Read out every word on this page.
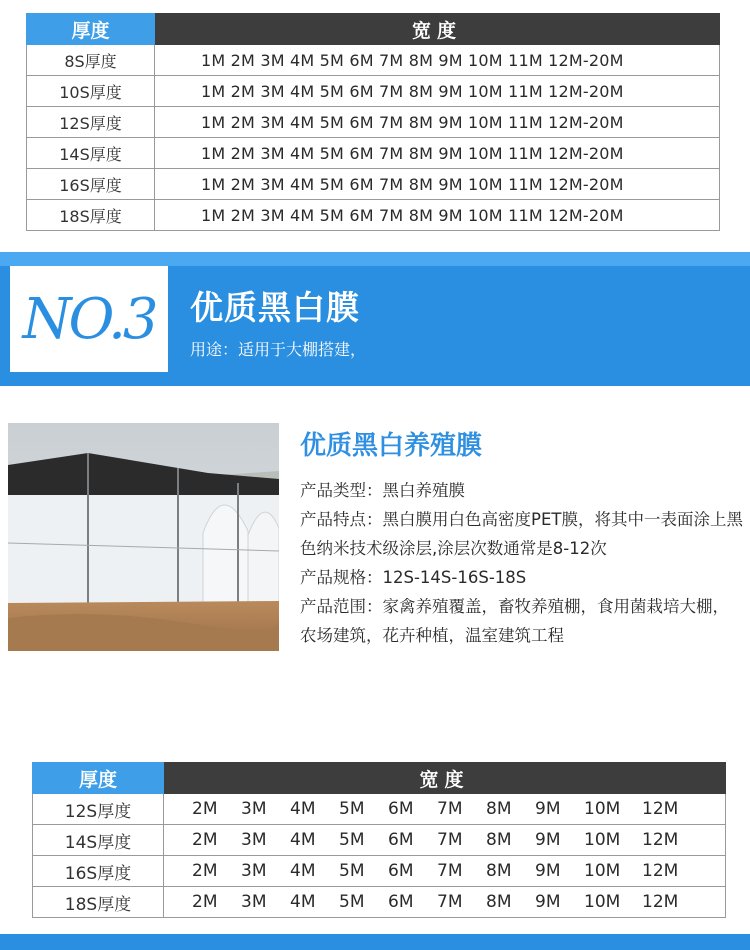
厚度	宽度
8S厚度	1M 2M 3M 4M 5M 6M 7M 8M 9M 10M 11M 12M-20M
10S厚度	1M 2M 3M 4M 5M 6M 7M 8M 9M 10M 11M 12M-20M
12S厚度	1M 2M 3M 4M 5M 6M 7M 8M 9M 10M 11M 12M-20M
14S厚度	1M 2M 3M 4M 5M 6M 7M 8M 9M 10M 11M 12M-20M
16S厚度	1M 2M 3M 4M 5M 6M 7M 8M 9M 10M 11M 12M-20M
18S厚度	1M 2M 3M 4M 5M 6M 7M 8M 9M 10M 11M 12M-20M
NO.3 优质黑白膜
用途：适用于大棚搭建，
优质黑白养殖膜

产品类型：黑白养殖膜

产品特点：黑白膜用白色高密度PET膜，将其中一表面涂上黑色纳米技术级涂层,涂层次数通常是8-12次

产品规格：12S-14S-16S-18S

产品范围：家禽养殖覆盖，畜牧养殖棚，食用菌栽培大棚，农场建筑，花卉种植，温室建筑工程

厚度	宽度
12S厚度	2M 3M 4M 5M 6M 7M 8M 9M 10M 12M
14S厚度	2M 3M 4M 5M 6M 7M 8M 9M 10M 12M
16S厚度	2M 3M 4M 5M 6M 7M 8M 9M 10M 12M
18S厚度	2M 3M 4M 5M 6M 7M 8M 9M 10M 12M
